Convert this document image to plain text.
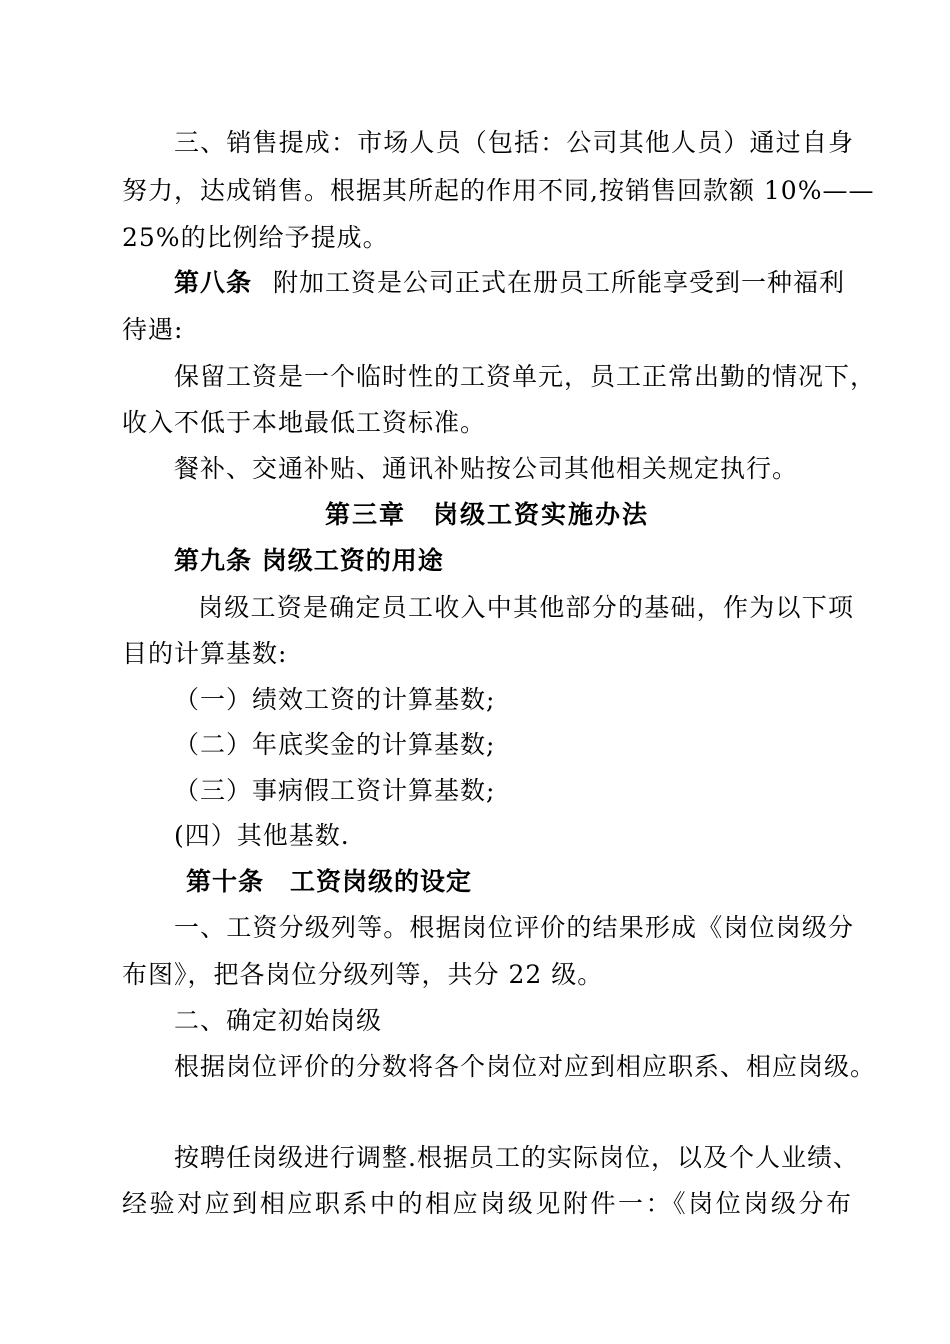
三、销售提成：市场人员（包括：公司其他人员）通过自身
努力，达成销售。根据其所起的作用不同,按销售回款额 10%——
25%的比例给予提成。
第八条 附加工资是公司正式在册员工所能享受到一种福利
待遇:
保留工资是一个临时性的工资单元，员工正常出勤的情况下，
收入不低于本地最低工资标准。
餐补、交通补贴、通讯补贴按公司其他相关规定执行。
第三章　岗级工资实施办法
第九条 岗级工资的用途
岗级工资是确定员工收入中其他部分的基础，作为以下项
目的计算基数:
（一）绩效工资的计算基数;
（二）年底奖金的计算基数;
（三）事病假工资计算基数;
(四）其他基数.
第十条　工资岗级的设定
一、工资分级列等。根据岗位评价的结果形成《岗位岗级分
布图》，把各岗位分级列等，共分 22 级。
二、确定初始岗级
根据岗位评价的分数将各个岗位对应到相应职系、相应岗级。
按聘任岗级进行调整.根据员工的实际岗位，以及个人业绩、
经验对应到相应职系中的相应岗级见附件一：《岗位岗级分布
